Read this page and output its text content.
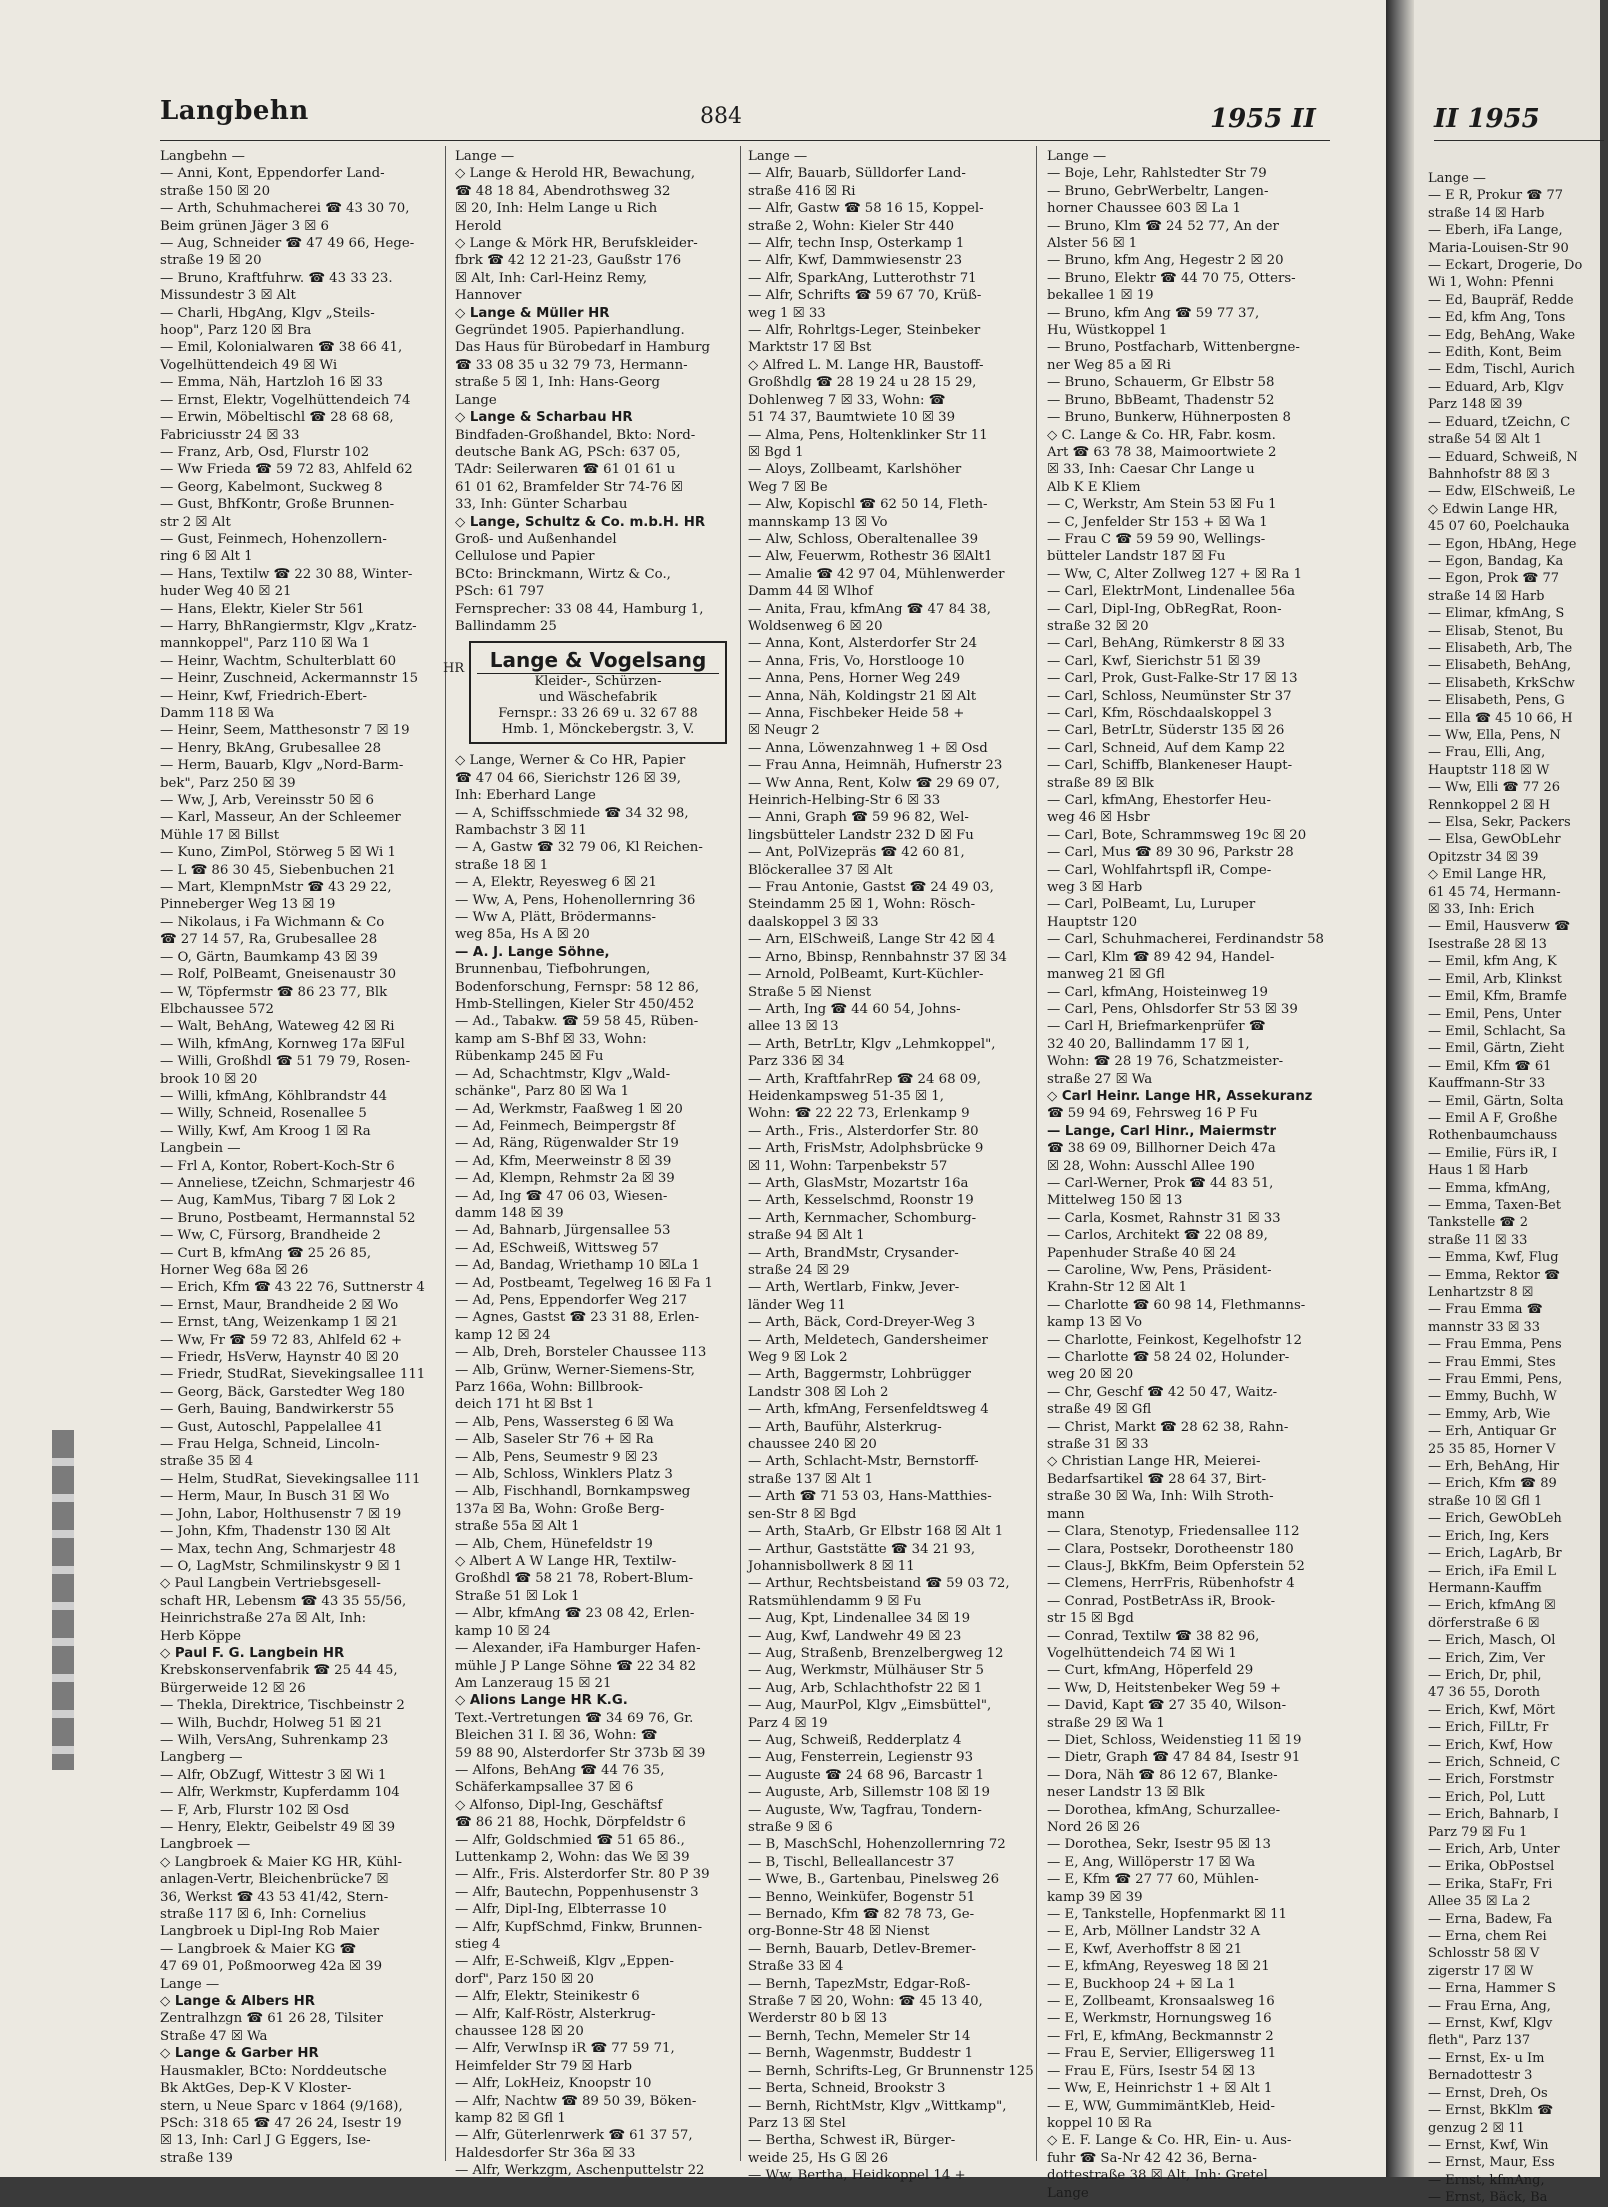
Langbehn	884	1955 II
Langbehn —
— Anni, Kont, Eppendorfer Land-
straße 150 ☒ 20
— Arth, Schuhmacherei ☎ 43 30 70,
Beim grünen Jäger 3 ☒ 6
— Aug, Schneider ☎ 47 49 66, Hege-
straße 19 ☒ 20
— Bruno, Kraftfuhrw. ☎ 43 33 23.
Missundestr 3 ☒ Alt
— Charli, HbgAng, Klgv „Steils-
hoop", Parz 120 ☒ Bra
— Emil, Kolonialwaren ☎ 38 66 41,
Vogelhüttendeich 49 ☒ Wi
— Emma, Näh, Hartzloh 16 ☒ 33
— Ernst, Elektr, Vogelhüttendeich 74
— Erwin, Möbeltischl ☎ 28 68 68,
Fabriciusstr 24 ☒ 33
— Franz, Arb, Osd, Flurstr 102
— Ww Frieda ☎ 59 72 83, Ahlfeld 62
— Georg, Kabelmont, Suckweg 8
— Gust, BhfKontr, Große Brunnen-
str 2 ☒ Alt
— Gust, Feinmech, Hohenzollern-
ring 6 ☒ Alt 1
— Hans, Textilw ☎ 22 30 88, Winter-
huder Weg 40 ☒ 21
— Hans, Elektr, Kieler Str 561
— Harry, BhRangiermstr, Klgv „Kratz-
mannkoppel", Parz 110 ☒ Wa 1
— Heinr, Wachtm, Schulterblatt 60
— Heinr, Zuschneid, Ackermannstr 15
— Heinr, Kwf, Friedrich-Ebert-
Damm 118 ☒ Wa
— Heinr, Seem, Matthesonstr 7 ☒ 19
— Henry, BkAng, Grubesallee 28
— Herm, Bauarb, Klgv „Nord-Barm-
bek", Parz 250 ☒ 39
— Ww, J, Arb, Vereinsstr 50 ☒ 6
— Karl, Masseur, An der Schleemer
Mühle 17 ☒ Billst
— Kuno, ZimPol, Störweg 5 ☒ Wi 1
— L ☎ 86 30 45, Siebenbuchen 21
— Mart, KlempnMstr ☎ 43 29 22,
Pinneberger Weg 13 ☒ 19
— Nikolaus, i Fa Wichmann & Co
☎ 27 14 57, Ra, Grubesallee 28
— O, Gärtn, Baumkamp 43 ☒ 39
— Rolf, PolBeamt, Gneisenaustr 30
— W, Töpfermstr ☎ 86 23 77, Blk
Elbchaussee 572
— Walt, BehAng, Wateweg 42 ☒ Ri
— Wilh, kfmAng, Kornweg 17a ☒Ful
— Willi, Großhdl ☎ 51 79 79, Rosen-
brook 10 ☒ 20
— Willi, kfmAng, Köhlbrandstr 44
— Willy, Schneid, Rosenallee 5
— Willy, Kwf, Am Kroog 1 ☒ Ra
Langbein —
— Frl A, Kontor, Robert-Koch-Str 6
— Anneliese, tZeichn, Schmarjestr 46
— Aug, KamMus, Tibarg 7 ☒ Lok 2
— Bruno, Postbeamt, Hermannstal 52
— Ww, C, Fürsorg, Brandheide 2
— Curt B, kfmAng ☎ 25 26 85,
Horner Weg 68a ☒ 26
— Erich, Kfm ☎ 43 22 76, Suttnerstr 4
— Ernst, Maur, Brandheide 2 ☒ Wo
— Ernst, tAng, Weizenkamp 1 ☒ 21
— Ww, Fr ☎ 59 72 83, Ahlfeld 62 +
— Friedr, HsVerw, Haynstr 40 ☒ 20
— Friedr, StudRat, Sievekingsallee 111
— Georg, Bäck, Garstedter Weg 180
— Gerh, Bauing, Bandwirkerstr 55
— Gust, Autoschl, Pappelallee 41
— Frau Helga, Schneid, Lincoln-
straße 35 ☒ 4
— Helm, StudRat, Sievekingsallee 111
— Herm, Maur, In Busch 31 ☒ Wo
— John, Labor, Holthusenstr 7 ☒ 19
— John, Kfm, Thadenstr 130 ☒ Alt
— Max, techn Ang, Schmarjestr 48
— O, LagMstr, Schmilinskystr 9 ☒ 1
◇ Paul Langbein Vertriebsgesell-
schaft HR, Lebensm ☎ 43 35 55/56,
Heinrichstraße 27a ☒ Alt, Inh:
Herb Köppe
◇ Paul F. G. Langbein HR
Krebskonservenfabrik ☎ 25 44 45,
Bürgerweide 12 ☒ 26
— Thekla, Direktrice, Tischbeinstr 2
— Wilh, Buchdr, Holweg 51 ☒ 21
— Wilh, VersAng, Suhrenkamp 23
Langberg —
— Alfr, ObZugf, Wittestr 3 ☒ Wi 1
— Alfr, Werkmstr, Kupferdamm 104
— F, Arb, Flurstr 102 ☒ Osd
— Henry, Elektr, Geibelstr 49 ☒ 39
Langbroek —
◇ Langbroek & Maier KG HR, Kühl-
anlagen-Vertr, Bleichenbrücke7 ☒
36, Werkst ☎ 43 53 41/42, Stern-
straße 117 ☒ 6, Inh: Cornelius
Langbroek u Dipl-Ing Rob Maier
— Langbroek & Maier KG ☎
47 69 01, Poßmoorweg 42a ☒ 39
Lange —
◇ Lange & Albers HR
Zentralhzgn ☎ 61 26 28, Tilsiter
Straße 47 ☒ Wa
◇ Lange & Garber HR
Hausmakler, BCto: Norddeutsche
Bk AktGes, Dep-K V Kloster-
stern, u Neue Sparc v 1864 (9/168),
PSch: 318 65 ☎ 47 26 24, Isestr 19
☒ 13, Inh: Carl J G Eggers, Ise-
straße 139
Lange —
◇ Lange & Herold HR, Bewachung,
☎ 48 18 84, Abendrothsweg 32
☒ 20, Inh: Helm Lange u Rich
Herold
◇ Lange & Mörk HR, Berufskleider-
fbrk ☎ 42 12 21-23, Gaußstr 176
☒ Alt, Inh: Carl-Heinz Remy,
Hannover
◇ Lange & Müller HR
Gegründet 1905. Papierhandlung.
Das Haus für Bürobedarf in Hamburg
☎ 33 08 35 u 32 79 73, Hermann-
straße 5 ☒ 1, Inh: Hans-Georg
Lange
◇ Lange & Scharbau HR
Bindfaden-Großhandel, Bkto: Nord-
deutsche Bank AG, PSch: 637 05,
TAdr: Seilerwaren ☎ 61 01 61 u
61 01 62, Bramfelder Str 74-76 ☒
33, Inh: Günter Scharbau
◇ Lange, Schultz & Co. m.b.H. HR
Groß- und Außenhandel
Cellulose und Papier
BCto: Brinckmann, Wirtz & Co.,
PSch: 61 797
Fernsprecher: 33 08 44, Hamburg 1,
Ballindamm 25
Lange & Vogelsang
Kleider-, Schürzen-
und Wäschefabrik
Fernspr.: 33 26 69 u. 32 67 88
Hmb. 1, Mönckebergstr. 3, V.
◇ Lange, Werner & Co HR, Papier
☎ 47 04 66, Sierichstr 126 ☒ 39,
Inh: Eberhard Lange
— A, Schiffsschmiede ☎ 34 32 98,
Rambachstr 3 ☒ 11
— A, Gastw ☎ 32 79 06, Kl Reichen-
straße 18 ☒ 1
— A, Elektr, Reyesweg 6 ☒ 21
— Ww, A, Pens, Hohenollernring 36
— Ww A, Plätt, Brödermanns-
weg 85a, Hs A ☒ 20
— A. J. Lange Söhne,
Brunnenbau, Tiefbohrungen,
Bodenforschung, Fernspr: 58 12 86,
Hmb-Stellingen, Kieler Str 450/452
— Ad., Tabakw. ☎ 59 58 45, Rüben-
kamp am S-Bhf ☒ 33, Wohn:
Rübenkamp 245 ☒ Fu
— Ad, Schachtmstr, Klgv „Wald-
schänke", Parz 80 ☒ Wa 1
— Ad, Werkmstr, Faaßweg 1 ☒ 20
— Ad, Feinmech, Beimpergstr 8f
— Ad, Räng, Rügenwalder Str 19
— Ad, Kfm, Meerweinstr 8 ☒ 39
— Ad, Klempn, Rehmstr 2a ☒ 39
— Ad, Ing ☎ 47 06 03, Wiesen-
damm 148 ☒ 39
— Ad, Bahnarb, Jürgensallee 53
— Ad, ESchweiß, Wittsweg 57
— Ad, Bandag, Wriethamp 10 ☒La 1
— Ad, Postbeamt, Tegelweg 16 ☒ Fa 1
— Ad, Pens, Eppendorfer Weg 217
— Agnes, Gastst ☎ 23 31 88, Erlen-
kamp 12 ☒ 24
— Alb, Dreh, Borsteler Chaussee 113
— Alb, Grünw, Werner-Siemens-Str,
Parz 166a, Wohn: Billbrook-
deich 171 ht ☒ Bst 1
— Alb, Pens, Wassersteg 6 ☒ Wa
— Alb, Saseler Str 76 + ☒ Ra
— Alb, Pens, Seumestr 9 ☒ 23
— Alb, Schloss, Winklers Platz 3
— Alb, Fischhandl, Bornkampsweg
137a ☒ Ba, Wohn: Große Berg-
straße 55a ☒ Alt 1
— Alb, Chem, Hünefeldstr 19
◇ Albert A W Lange HR, Textilw-
Großhdl ☎ 58 21 78, Robert-Blum-
Straße 51 ☒ Lok 1
— Albr, kfmAng ☎ 23 08 42, Erlen-
kamp 10 ☒ 24
— Alexander, iFa Hamburger Hafen-
mühle J P Lange Söhne ☎ 22 34 82
Am Lanzeraug 15 ☒ 21
◇ Alions Lange HR K.G.
Text.-Vertretungen ☎ 34 69 76, Gr.
Bleichen 31 I. ☒ 36, Wohn: ☎
59 88 90, Alsterdorfer Str 373b ☒ 39
— Alfons, BehAng ☎ 44 76 35,
Schäferkampsallee 37 ☒ 6
◇ Alfonso, Dipl-Ing, Geschäftsf
☎ 86 21 88, Hochk, Dörpfeldstr 6
— Alfr, Goldschmied ☎ 51 65 86.,
Luttenkamp 2, Wohn: das We ☒ 39
— Alfr., Fris. Alsterdorfer Str. 80 P 39
— Alfr, Bautechn, Poppenhusenstr 3
— Alfr, Dipl-Ing, Elbterrasse 10
— Alfr, KupfSchmd, Finkw, Brunnen-
stieg 4
— Alfr, E-Schweiß, Klgv „Eppen-
dorf", Parz 150 ☒ 20
— Alfr, Elektr, Steinikestr 6
— Alfr, Kalf-Röstr, Alsterkrug-
chaussee 128 ☒ 20
— Alfr, VerwInsp iR ☎ 77 59 71,
Heimfelder Str 79 ☒ Harb
— Alfr, LokHeiz, Knoopstr 10
— Alfr, Nachtw ☎ 89 50 39, Böken-
kamp 82 ☒ Gfl 1
— Alfr, Güterlenrwerk ☎ 61 37 57,
Haldesdorfer Str 36a ☒ 33
— Alfr, Werkzgm, Aschenputtelstr 22
Lange —
— Alfr, Bauarb, Sülldorfer Land-
straße 416 ☒ Ri
— Alfr, Gastw ☎ 58 16 15, Koppel-
straße 2, Wohn: Kieler Str 440
— Alfr, techn Insp, Osterkamp 1
— Alfr, Kwf, Dammwiesenstr 23
— Alfr, SparkAng, Lutterothstr 71
— Alfr, Schrifts ☎ 59 67 70, Krüß-
weg 1 ☒ 33
— Alfr, Rohrltgs-Leger, Steinbeker
Marktstr 17 ☒ Bst
◇ Alfred L. M. Lange HR, Baustoff-
Großhdlg ☎ 28 19 24 u 28 15 29,
Dohlenweg 7 ☒ 33, Wohn: ☎
51 74 37, Baumtwiete 10 ☒ 39
— Alma, Pens, Holtenklinker Str 11
☒ Bgd 1
— Aloys, Zollbeamt, Karlshöher
Weg 7 ☒ Be
— Alw, Kopischl ☎ 62 50 14, Fleth-
mannskamp 13 ☒ Vo
— Alw, Schloss, Oberaltenallee 39
— Alw, Feuerwm, Rothestr 36 ☒Alt1
— Amalie ☎ 42 97 04, Mühlenwerder
Damm 44 ☒ Wlhof
— Anita, Frau, kfmAng ☎ 47 84 38,
Woldsenweg 6 ☒ 20
— Anna, Kont, Alsterdorfer Str 24
— Anna, Fris, Vo, Horstlooge 10
— Anna, Pens, Horner Weg 249
— Anna, Näh, Koldingstr 21 ☒ Alt
— Anna, Fischbeker Heide 58 +
☒ Neugr 2
— Anna, Löwenzahnweg 1 + ☒ Osd
— Frau Anna, Heimnäh, Hufnerstr 23
— Ww Anna, Rent, Kolw ☎ 29 69 07,
Heinrich-Helbing-Str 6 ☒ 33
— Anni, Graph ☎ 59 96 82, Wel-
lingsbütteler Landstr 232 D ☒ Fu
— Ant, PolVizepräs ☎ 42 60 81,
Blöckerallee 37 ☒ Alt
— Frau Antonie, Gastst ☎ 24 49 03,
Steindamm 25 ☒ 1, Wohn: Rösch-
daalskoppel 3 ☒ 33
— Arn, ElSchweiß, Lange Str 42 ☒ 4
— Arno, Bbinsp, Rennbahnstr 37 ☒ 34
— Arnold, PolBeamt, Kurt-Küchler-
Straße 5 ☒ Nienst
— Arth, Ing ☎ 44 60 54, Johns-
allee 13 ☒ 13
— Arth, BetrLtr, Klgv „Lehmkoppel",
Parz 336 ☒ 34
— Arth, KraftfahrRep ☎ 24 68 09,
Heidenkampsweg 51-35 ☒ 1,
Wohn: ☎ 22 22 73, Erlenkamp 9
— Arth., Fris., Alsterdorfer Str. 80
— Arth, FrisMstr, Adolphsbrücke 9
☒ 11, Wohn: Tarpenbekstr 57
— Arth, GlasMstr, Mozartstr 16a
— Arth, Kesselschmd, Roonstr 19
— Arth, Kernmacher, Schomburg-
straße 94 ☒ Alt 1
— Arth, BrandMstr, Crysander-
straße 24 ☒ 29
— Arth, Wertlarb, Finkw, Jever-
länder Weg 11
— Arth, Bäck, Cord-Dreyer-Weg 3
— Arth, Meldetech, Gandersheimer
Weg 9 ☒ Lok 2
— Arth, Baggermstr, Lohbrügger
Landstr 308 ☒ Loh 2
— Arth, kfmAng, Fersenfeldtsweg 4
— Arth, Bauführ, Alsterkrug-
chaussee 240 ☒ 20
— Arth, Schlacht-Mstr, Bernstorff-
straße 137 ☒ Alt 1
— Arth ☎ 71 53 03, Hans-Matthies-
sen-Str 8 ☒ Bgd
— Arth, StaArb, Gr Elbstr 168 ☒ Alt 1
— Arthur, Gaststätte ☎ 34 21 93,
Johannisbollwerk 8 ☒ 11
— Arthur, Rechtsbeistand ☎ 59 03 72,
Ratsmühlendamm 9 ☒ Fu
— Aug, Kpt, Lindenallee 34 ☒ 19
— Aug, Kwf, Landwehr 49 ☒ 23
— Aug, Straßenb, Brenzelbergweg 12
— Aug, Werkmstr, Mülhäuser Str 5
— Aug, Arb, Schlachthofstr 22 ☒ 1
— Aug, MaurPol, Klgv „Eimsbüttel",
Parz 4 ☒ 19
— Aug, Schweiß, Redderplatz 4
— Aug, Fensterrein, Legienstr 93
— Auguste ☎ 24 68 96, Barcastr 1
— Auguste, Arb, Sillemstr 108 ☒ 19
— Auguste, Ww, Tagfrau, Tondern-
straße 9 ☒ 6
— B, MaschSchl, Hohenzollernring 72
— B, Tischl, Belleallancestr 37
— Wwe, B., Gartenbau, Pinelsweg 26
— Benno, Weinküfer, Bogenstr 51
— Bernado, Kfm ☎ 82 78 73, Ge-
org-Bonne-Str 48 ☒ Nienst
— Bernh, Bauarb, Detlev-Bremer-
Straße 33 ☒ 4
— Bernh, TapezMstr, Edgar-Roß-
Straße 7 ☒ 20, Wohn: ☎ 45 13 40,
Werderstr 80 b ☒ 13
— Bernh, Techn, Memeler Str 14
— Bernh, Wagenmstr, Buddestr 1
— Bernh, Schrifts-Leg, Gr Brunnenstr 125
— Berta, Schneid, Brookstr 3
— Bernh, RichtMstr, Klgv „Wittkamp",
Parz 13 ☒ Stel
— Bertha, Schwest iR, Bürger-
weide 25, Hs G ☒ 26
— Ww, Bertha, Heidkoppel 14 +
Lange —
— Boje, Lehr, Rahlstedter Str 79
— Bruno, GebrWerbeltr, Langen-
horner Chaussee 603 ☒ La 1
— Bruno, Klm ☎ 24 52 77, An der
Alster 56 ☒ 1
— Bruno, kfm Ang, Hegestr 2 ☒ 20
— Bruno, Elektr ☎ 44 70 75, Otters-
bekallee 1 ☒ 19
— Bruno, kfm Ang ☎ 59 77 37,
Hu, Wüstkoppel 1
— Bruno, Postfacharb, Wittenbergne-
ner Weg 85 a ☒ Ri
— Bruno, Schauerm, Gr Elbstr 58
— Bruno, BbBeamt, Thadenstr 52
— Bruno, Bunkerw, Hühnerposten 8
◇ C. Lange & Co. HR, Fabr. kosm.
Art ☎ 63 78 38, Maimoortwiete 2
☒ 33, Inh: Caesar Chr Lange u
Alb K E Kliem
— C, Werkstr, Am Stein 53 ☒ Fu 1
— C, Jenfelder Str 153 + ☒ Wa 1
— Frau C ☎ 59 59 90, Wellings-
bütteler Landstr 187 ☒ Fu
— Ww, C, Alter Zollweg 127 + ☒ Ra 1
— Carl, ElektrMont, Lindenallee 56a
— Carl, Dipl-Ing, ObRegRat, Roon-
straße 32 ☒ 20
— Carl, BehAng, Rümkerstr 8 ☒ 33
— Carl, Kwf, Sierichstr 51 ☒ 39
— Carl, Prok, Gust-Falke-Str 17 ☒ 13
— Carl, Schloss, Neumünster Str 37
— Carl, Kfm, Röschdaalskoppel 3
— Carl, BetrLtr, Süderstr 135 ☒ 26
— Carl, Schneid, Auf dem Kamp 22
— Carl, Schiffb, Blankeneser Haupt-
straße 89 ☒ Blk
— Carl, kfmAng, Ehestorfer Heu-
weg 46 ☒ Hsbr
— Carl, Bote, Schrammsweg 19c ☒ 20
— Carl, Mus ☎ 89 30 96, Parkstr 28
— Carl, Wohlfahrtspfl iR, Compe-
weg 3 ☒ Harb
— Carl, PolBeamt, Lu, Luruper
Hauptstr 120
— Carl, Schuhmacherei, Ferdinandstr 58
— Carl, Klm ☎ 89 42 94, Handel-
manweg 21 ☒ Gfl
— Carl, kfmAng, Hoisteinweg 19
— Carl, Pens, Ohlsdorfer Str 53 ☒ 39
— Carl H, Briefmarkenprüfer ☎
32 40 20, Ballindamm 17 ☒ 1,
Wohn: ☎ 28 19 76, Schatzmeister-
straße 27 ☒ Wa
◇ Carl Heinr. Lange HR, Assekuranz
☎ 59 94 69, Fehrsweg 16 P Fu
— Lange, Carl Hinr., Maiermstr
☎ 38 69 09, Billhorner Deich 47a
☒ 28, Wohn: Ausschl Allee 190
— Carl-Werner, Prok ☎ 44 83 51,
Mittelweg 150 ☒ 13
— Carla, Kosmet, Rahnstr 31 ☒ 33
— Carlos, Architekt ☎ 22 08 89,
Papenhuder Straße 40 ☒ 24
— Caroline, Ww, Pens, Präsident-
Krahn-Str 12 ☒ Alt 1
— Charlotte ☎ 60 98 14, Flethmanns-
kamp 13 ☒ Vo
— Charlotte, Feinkost, Kegelhofstr 12
— Charlotte ☎ 58 24 02, Holunder-
weg 20 ☒ 20
— Chr, Geschf ☎ 42 50 47, Waitz-
straße 49 ☒ Gfl
— Christ, Markt ☎ 28 62 38, Rahn-
straße 31 ☒ 33
◇ Christian Lange HR, Meierei-
Bedarfsartikel ☎ 28 64 37, Birt-
straße 30 ☒ Wa, Inh: Wilh Stroth-
mann
— Clara, Stenotyp, Friedensallee 112
— Clara, Postsekr, Dorotheenstr 180
— Claus-J, BkKfm, Beim Opferstein 52
— Clemens, HerrFris, Rübenhofstr 4
— Conrad, PostBetrAss iR, Brook-
str 15 ☒ Bgd
— Conrad, Textilw ☎ 38 82 96,
Vogelhüttendeich 74 ☒ Wi 1
— Curt, kfmAng, Höperfeld 29
— Ww, D, Heitstenbeker Weg 59 +
— David, Kapt ☎ 27 35 40, Wilson-
straße 29 ☒ Wa 1
— Diet, Schloss, Weidenstieg 11 ☒ 19
— Dietr, Graph ☎ 47 84 84, Isestr 91
— Dora, Näh ☎ 86 12 67, Blanke-
neser Landstr 13 ☒ Blk
— Dorothea, kfmAng, Schurzallee-
Nord 26 ☒ 26
— Dorothea, Sekr, Isestr 95 ☒ 13
— E, Ang, Willöperstr 17 ☒ Wa
— E, Kfm ☎ 27 77 60, Mühlen-
kamp 39 ☒ 39
— E, Tankstelle, Hopfenmarkt ☒ 11
— E, Arb, Möllner Landstr 32 A
— E, Kwf, Averhoffstr 8 ☒ 21
— E, kfmAng, Reyesweg 18 ☒ 21
— E, Buckhoop 24 + ☒ La 1
— E, Zollbeamt, Kronsaalsweg 16
— E, Werkmstr, Hornungsweg 16
— Frl, E, kfmAng, Beckmannstr 2
— Frau E, Servier, Elligersweg 11
— Frau E, Fürs, Isestr 54 ☒ 13
— Ww, E, Heinrichstr 1 + ☒ Alt 1
— E, WW, GummimäntKleb, Heid-
koppel 10 ☒ Ra
◇ E. F. Lange & Co. HR, Ein- u. Aus-
fuhr ☎ Sa-Nr 42 42 36, Berna-
dottestraße 38 ☒ Alt, Inh: Gretel
Lange
HR
II 1955
Lange —
— E R, Prokur ☎ 77
straße 14 ☒ Harb
— Eberh, iFa Lange,
Maria-Louisen-Str 90
— Eckart, Drogerie, Do
Wi 1, Wohn: Pfenni
— Ed, Baupräf, Redde
— Ed, kfm Ang, Tons
— Edg, BehAng, Wake
— Edith, Kont, Beim
— Edm, Tischl, Aurich
— Eduard, Arb, Klgv
Parz 148 ☒ 39
— Eduard, tZeichn, C
straße 54 ☒ Alt 1
— Eduard, Schweiß, N
Bahnhofstr 88 ☒ 3
— Edw, ElSchweiß, Le
◇ Edwin Lange HR,
45 07 60, Poelchauka
— Egon, HbAng, Hege
— Egon, Bandag, Ka
— Egon, Prok ☎ 77
straße 14 ☒ Harb
— Elimar, kfmAng, S
— Elisab, Stenot, Bu
— Elisabeth, Arb, The
— Elisabeth, BehAng,
— Elisabeth, KrkSchw
— Elisabeth, Pens, G
— Ella ☎ 45 10 66, H
— Ww, Ella, Pens, N
— Frau, Elli, Ang,
Hauptstr 118 ☒ W
— Ww, Elli ☎ 77 26
Rennkoppel 2 ☒ H
— Elsa, Sekr, Packers
— Elsa, GewObLehr
Opitzstr 34 ☒ 39
◇ Emil Lange HR,
61 45 74, Hermann-
☒ 33, Inh: Erich
— Emil, Hausverw ☎
Isestraße 28 ☒ 13
— Emil, kfm Ang, K
— Emil, Arb, Klinkst
— Emil, Kfm, Bramfe
— Emil, Pens, Unter
— Emil, Schlacht, Sa
— Emil, Gärtn, Zieht
— Emil, Kfm ☎ 61
Kauffmann-Str 33
— Emil, Gärtn, Solta
— Emil A F, Großhe
Rothenbaumchauss
— Emilie, Fürs iR, I
Haus 1 ☒ Harb
— Emma, kfmAng,
— Emma, Taxen-Bet
Tankstelle ☎ 2
straße 11 ☒ 33
— Emma, Kwf, Flug
— Emma, Rektor ☎
Lenhartzstr 8 ☒
— Frau Emma ☎
mannstr 33 ☒ 33
— Frau Emma, Pens
— Frau Emmi, Stes
— Frau Emmi, Pens,
— Emmy, Buchh, W
— Emmy, Arb, Wie
— Erh, Antiquar Gr
25 35 85, Horner V
— Erh, BehAng, Hir
— Erich, Kfm ☎ 89
straße 10 ☒ Gfl 1
— Erich, GewObLeh
— Erich, Ing, Kers
— Erich, LagArb, Br
— Erich, iFa Emil L
Hermann-Kauffm
— Erich, kfmAng ☒
dörferstraße 6 ☒
— Erich, Masch, Ol
— Erich, Zim, Ver
— Erich, Dr, phil,
47 36 55, Doroth
— Erich, Kwf, Mört
— Erich, FilLtr, Fr
— Erich, Kwf, How
— Erich, Schneid, C
— Erich, Forstmstr
— Erich, Pol, Lutt
— Erich, Bahnarb, I
Parz 79 ☒ Fu 1
— Erich, Arb, Unter
— Erika, ObPostsel
— Erika, StaFr, Fri
Allee 35 ☒ La 2
— Erna, Badew, Fa
— Erna, chem Rei
Schlosstr 58 ☒ V
zigerstr 17 ☒ W
— Erna, Hammer S
— Frau Erna, Ang,
— Ernst, Kwf, Klgv
fleth", Parz 137
— Ernst, Ex- u Im
Bernadottestr 3
— Ernst, Dreh, Os
— Ernst, BkKlm ☎
genzug 2 ☒ 11
— Ernst, Kwf, Win
— Ernst, Maur, Ess
— Ernst, kfmAng,
— Ernst, Bäck, Ba
